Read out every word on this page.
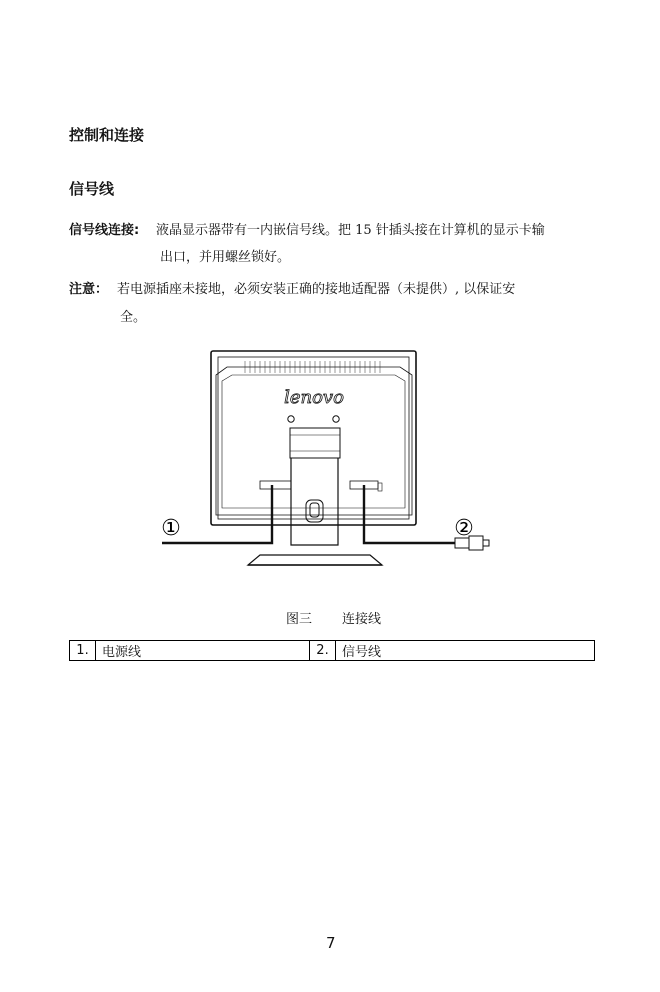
控制和连接
信号线
信号线连接: 液晶显示器带有一内嵌信号线。把 15 针插头接在计算机的显示卡输
出口，并用螺丝锁好。
注意： 若电源插座未接地，必须安装正确的接地适配器（未提供）, 以保证安
全。
lenovo
①	②
图三 连接线
1.	电源线	2.	信号线
7
